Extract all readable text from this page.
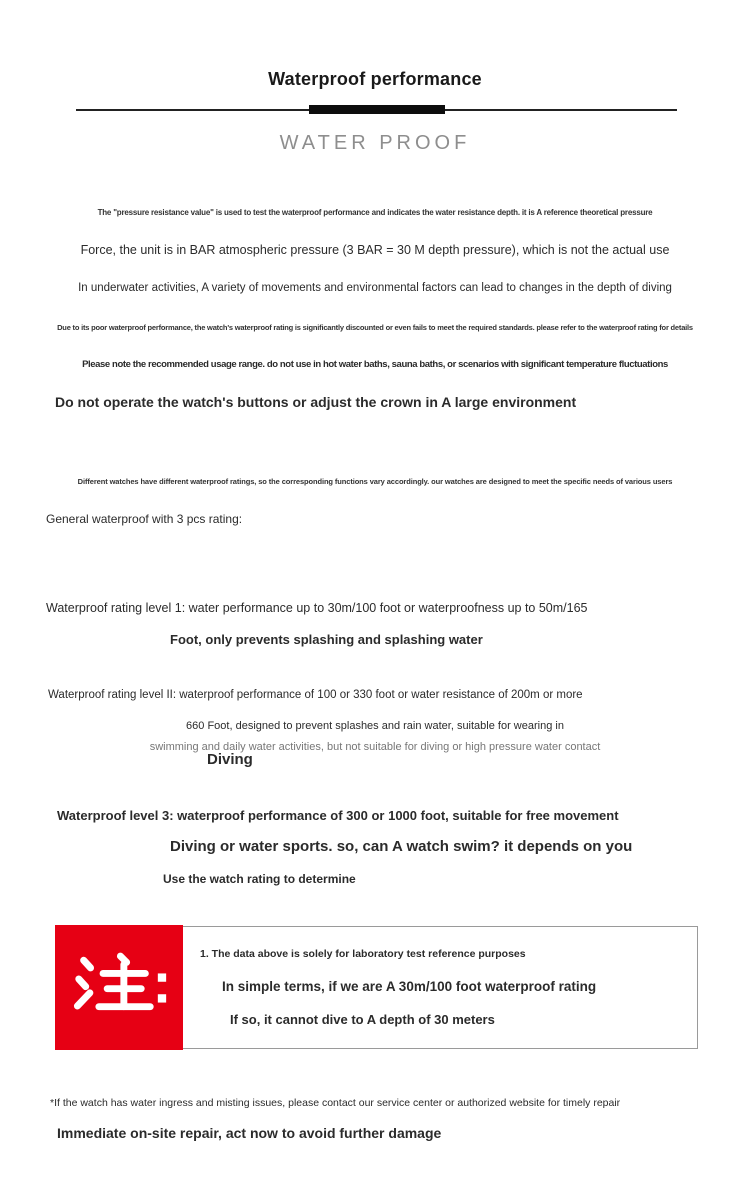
Waterproof performance
WATER PROOF
The "pressure resistance value" is used to test the waterproof performance and indicates the water resistance depth. it is A reference theoretical pressure
Force, the unit is in BAR atmospheric pressure (3 BAR = 30 M depth pressure), which is not the actual use
In underwater activities, A variety of movements and environmental factors can lead to changes in the depth of diving
Due to its poor waterproof performance, the watch's waterproof rating is significantly discounted or even fails to meet the required standards. please refer to the waterproof rating for details
Please note the recommended usage range. do not use in hot water baths, sauna baths, or scenarios with significant temperature fluctuations
Do not operate the watch's buttons or adjust the crown in A large environment
Different watches have different waterproof ratings, so the corresponding functions vary accordingly. our watches are designed to meet the specific needs of various users
General waterproof with 3 pcs rating:
Waterproof rating level 1: water performance up to 30m/100 foot or waterproofness up to 50m/165
Foot, only prevents splashing and splashing water
Waterproof rating level II: waterproof performance of 100 or 330 foot or water resistance of 200m or more
660 Foot, designed to prevent splashes and rain water, suitable for wearing in
swimming and daily water activities, but not suitable for diving or high pressure water contact
Diving
Waterproof level 3: waterproof performance of 300 or 1000 foot, suitable for free movement
Diving or water sports. so, can A watch swim? it depends on you
Use the watch rating to determine
1. The data above is solely for laboratory test reference purposes
In simple terms, if we are A 30m/100 foot waterproof rating
If so, it cannot dive to A depth of 30 meters
*If the watch has water ingress and misting issues, please contact our service center or authorized website for timely repair
Immediate on-site repair, act now to avoid further damage
